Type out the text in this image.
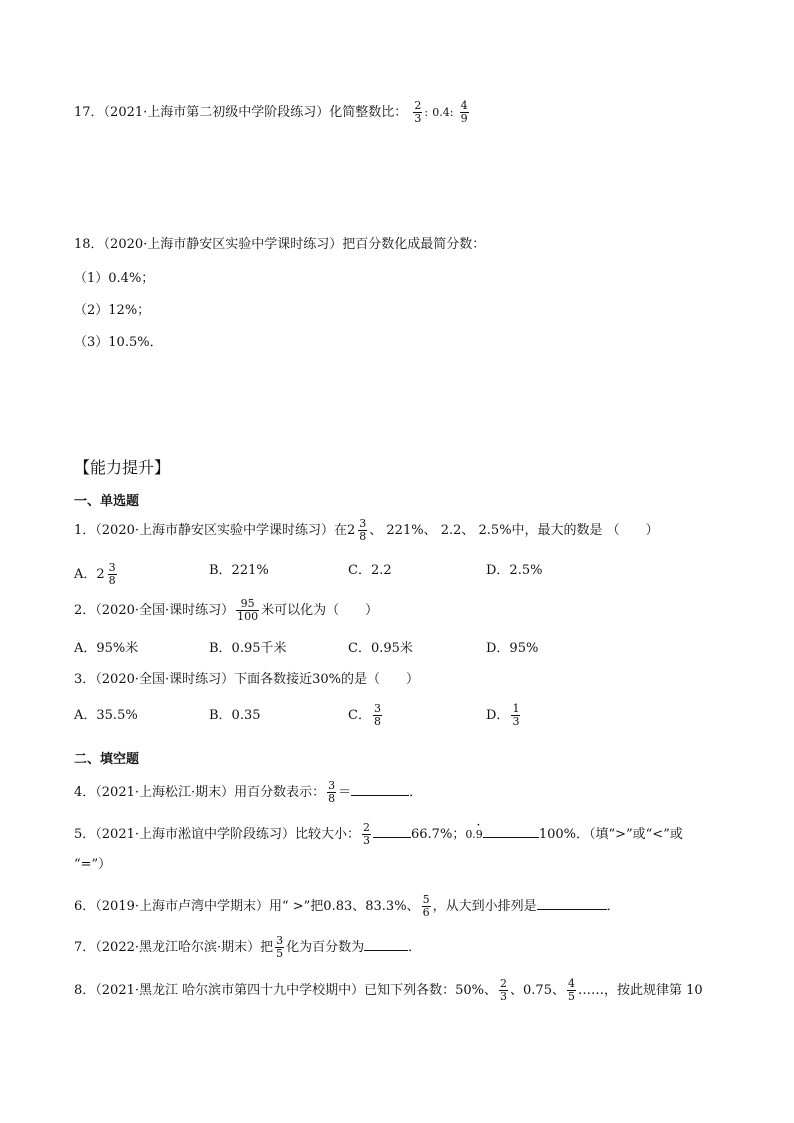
17．（2021·上海市第二初级中学阶段练习）化简整数比： $\frac{2}{3}$ : 0.4: $\frac{4}{9}$
18．（2020·上海市静安区实验中学课时练习）把百分数化成最简分数：
（1）0.4%；
（2）12%；
（3）10.5%．
【能力提升】
一、单选题
1．（2020·上海市静安区实验中学课时练习）在 $2 \frac{3}{8}$ 、 221%、 2.2、 2.5%中，最大的数是 （　　）
A． $2 \frac{3}{8}$	B．221%	C．2.2	D．2.5%
2．（2020·全国·课时练习） $\frac{95}{100}$ 米可以化为（　　）
A．95%米	B．0.95千米	C．0.95米	D．95%
3．（2020·全国·课时练习）下面各数接近30%的是（　　）
A．35.5%	B．0.35	C． $\frac{3}{8}$	D． $\frac{1}{3}$
二、填空题
4．（2021·上海松江·期末）用百分数表示： $\frac{3}{8}$ ＝	．
5．（2021·上海市淞谊中学阶段练习）比较大小： $\frac{2}{3}$	66.7%；0.9 ·	100%．（填“>”或“<”或
“=”）
6．（2019·上海市卢湾中学期末）用“ >”把0.83、83.3%、 $\frac{5}{6}$ ，从大到小排列是	．
7．（2022·黑龙江哈尔滨·期末）把 $\frac{3}{5}$ 化为百分数为	．
8．（2021·黑龙江 哈尔滨市第四十九中学校期中）已知下列各数：50%、 $\frac{2}{3}$ 、0.75、 $\frac{4}{5}$ ……，按此规律第 10
